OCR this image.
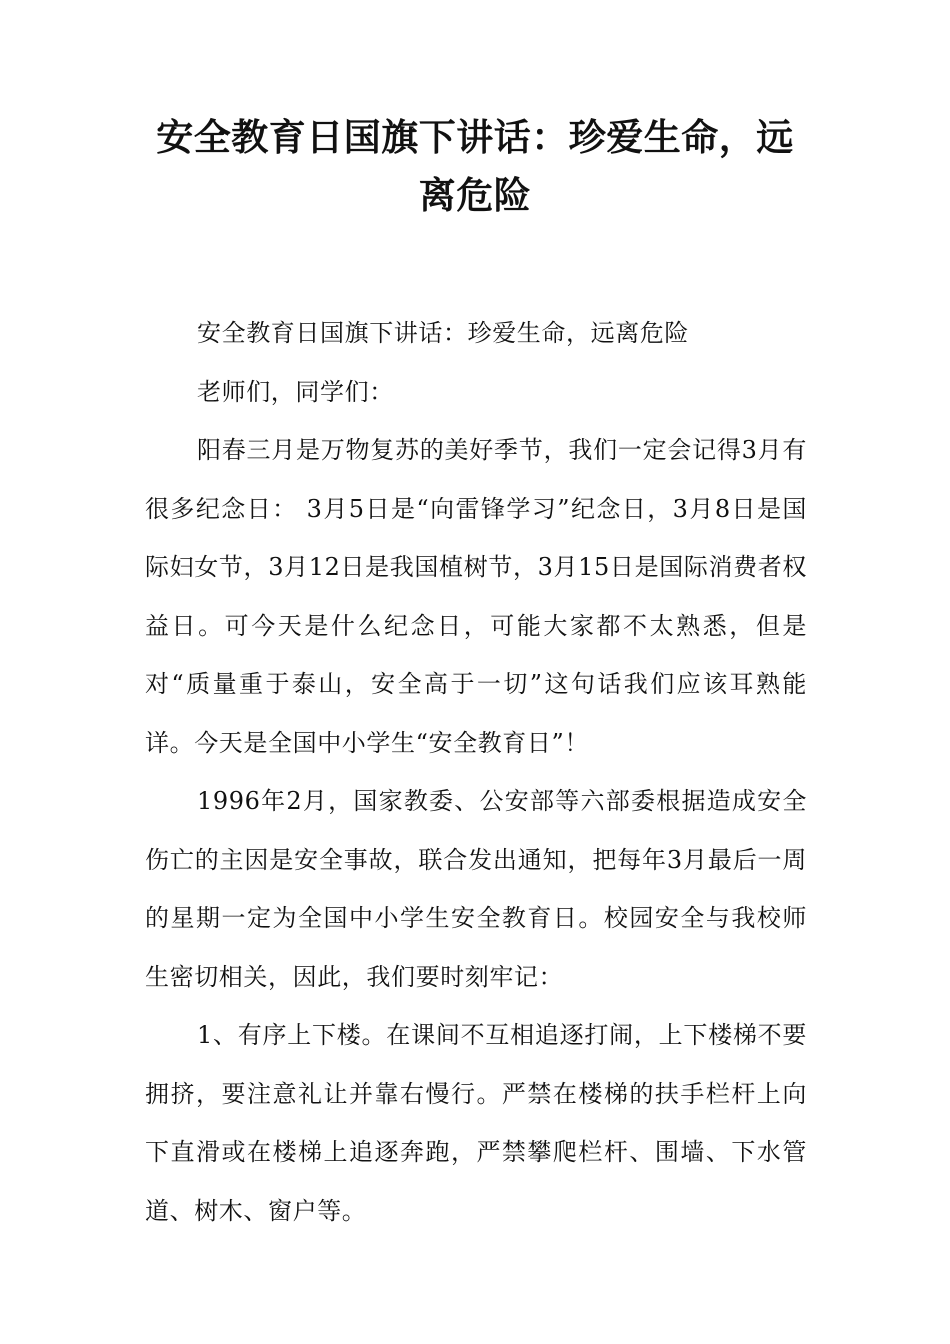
安全教育日国旗下讲话：珍爱生命，远离危险

安全教育日国旗下讲话：珍爱生命，远离危险

老师们，同学们：

阳春三月是万物复苏的美好季节，我们一定会记得3月有很多纪念日： 3月5日是“向雷锋学习”纪念日，3月8日是国际妇女节，3月12日是我国植树节，3月15日是国际消费者权益日。可今天是什么纪念日，可能大家都不太熟悉，但是对“质量重于泰山，安全高于一切”这句话我们应该耳熟能详。今天是全国中小学生“安全教育日”！

1996年2月，国家教委、公安部等六部委根据造成安全伤亡的主因是安全事故，联合发出通知，把每年3月最后一周的星期一定为全国中小学生安全教育日。校园安全与我校师生密切相关，因此，我们要时刻牢记：

1、有序上下楼。在课间不互相追逐打闹，上下楼梯不要拥挤，要注意礼让并靠右慢行。严禁在楼梯的扶手栏杆上向下直滑或在楼梯上追逐奔跑，严禁攀爬栏杆、围墙、下水管道、树木、窗户等。
